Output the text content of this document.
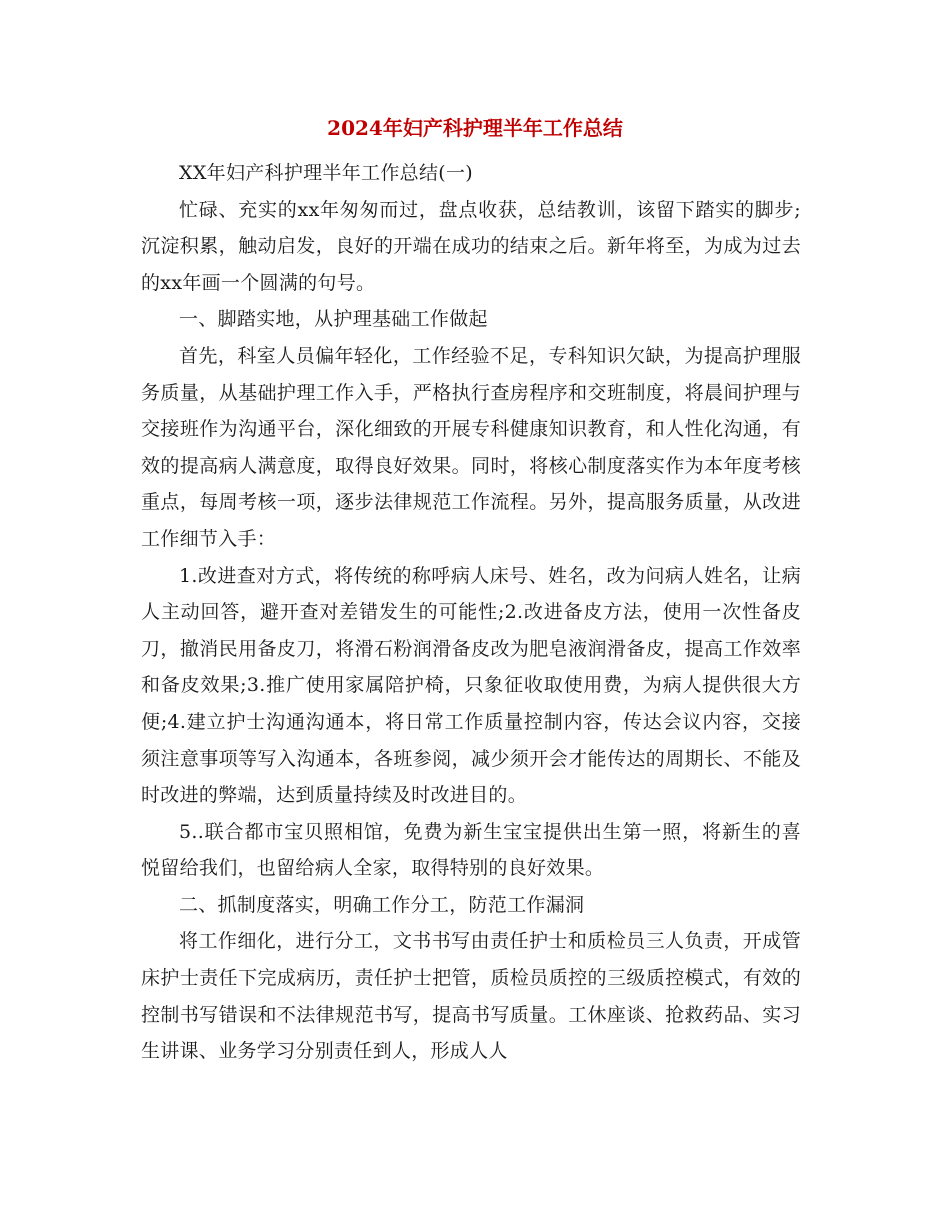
2024年妇产科护理半年工作总结

XX年妇产科护理半年工作总结(一)

忙碌、充实的xx年匆匆而过，盘点收获，总结教训，该留下踏实的脚步;沉淀积累，触动启发，良好的开端在成功的结束之后。新年将至，为成为过去的xx年画一个圆满的句号。

一、脚踏实地，从护理基础工作做起

首先，科室人员偏年轻化，工作经验不足，专科知识欠缺，为提高护理服务质量，从基础护理工作入手，严格执行查房程序和交班制度，将晨间护理与交接班作为沟通平台，深化细致的开展专科健康知识教育，和人性化沟通，有效的提高病人满意度，取得良好效果。同时，将核心制度落实作为本年度考核重点，每周考核一项，逐步法律规范工作流程。另外，提高服务质量，从改进工作细节入手：

1.改进查对方式，将传统的称呼病人床号、姓名，改为问病人姓名，让病人主动回答，避开查对差错发生的可能性;2.改进备皮方法，使用一次性备皮刀，撤消民用备皮刀，将滑石粉润滑备皮改为肥皂液润滑备皮，提高工作效率和备皮效果;3.推广使用家属陪护椅，只象征收取使用费，为病人提供很大方便;4.建立护士沟通沟通本，将日常工作质量控制内容，传达会议内容，交接须注意事项等写入沟通本，各班参阅，减少须开会才能传达的周期长、不能及时改进的弊端，达到质量持续及时改进目的。

5..联合都市宝贝照相馆，免费为新生宝宝提供出生第一照，将新生的喜悦留给我们，也留给病人全家，取得特别的良好效果。

二、抓制度落实，明确工作分工，防范工作漏洞

将工作细化，进行分工，文书书写由责任护士和质检员三人负责，开成管床护士责任下完成病历，责任护士把管，质检员质控的三级质控模式，有效的控制书写错误和不法律规范书写，提高书写质量。工休座谈、抢救药品、实习生讲课、业务学习分别责任到人，形成人人
